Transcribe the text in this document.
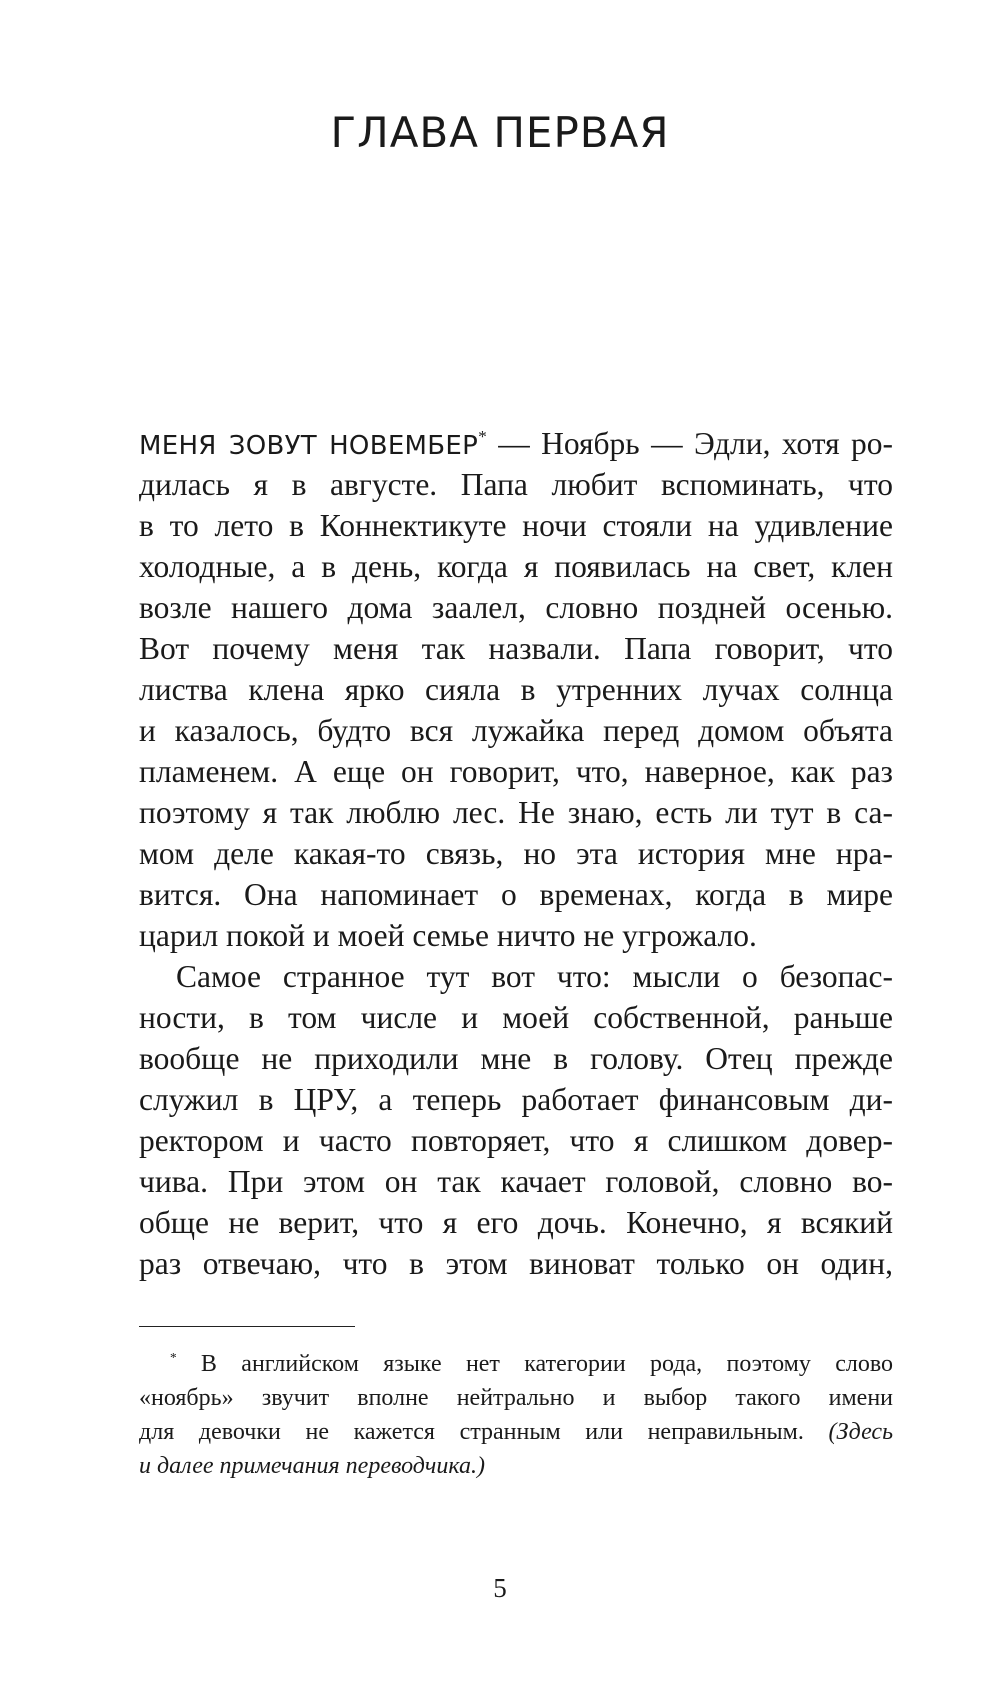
ГЛАВА ПЕРВАЯ
МЕНЯ ЗОВУТ НОВЕМБЕР* — Ноябрь — Эдли, хотя ро-
дилась я в августе. Папа любит вспоминать, что
в то лето в Коннектикуте ночи стояли на удивление
холодные, а в день, когда я появилась на свет, клен
возле нашего дома заалел, словно поздней осенью.
Вот почему меня так назвали. Папа говорит, что
листва клена ярко сияла в утренних лучах солнца
и казалось, будто вся лужайка перед домом объята
пламенем. А еще он говорит, что, наверное, как раз
поэтому я так люблю лес. Не знаю, есть ли тут в са-
мом деле какая-то связь, но эта история мне нра-
вится. Она напоминает о временах, когда в мире
царил покой и моей семье ничто не угрожало.
Самое странное тут вот что: мысли о безопас-
ности, в том числе и моей собственной, раньше
вообще не приходили мне в голову. Отец прежде
служил в ЦРУ, а теперь работает финансовым ди-
ректором и часто повторяет, что я слишком довер-
чива. При этом он так качает головой, словно во-
обще не верит, что я его дочь. Конечно, я всякий
раз отвечаю, что в этом виноват только он один,
* В английском языке нет категории рода, поэтому слово
«ноябрь» звучит вполне нейтрально и выбор такого имени
для девочки не кажется странным или неправильным. (Здесь
и далее примечания переводчика.)
5
